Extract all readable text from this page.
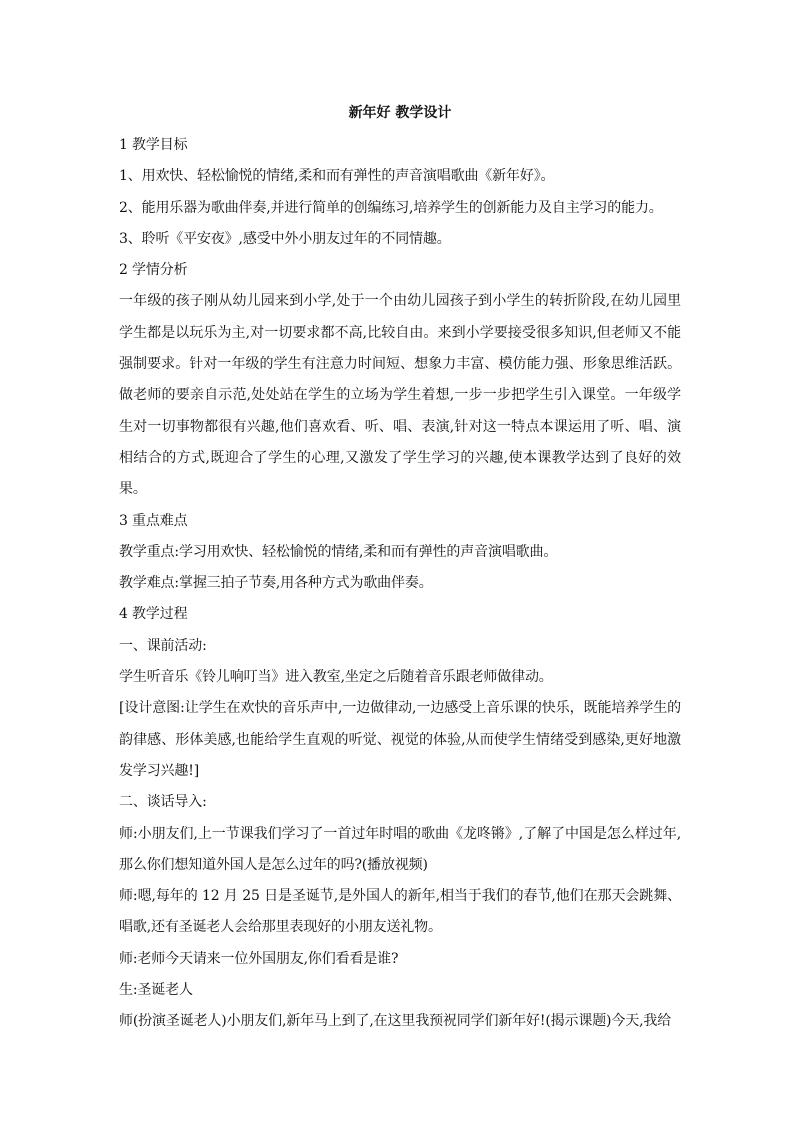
新年好 教学设计

1 教学目标

1、用欢快、轻松愉悦的情绪,柔和而有弹性的声音演唱歌曲《新年好》。

2、能用乐器为歌曲伴奏,并进行简单的创编练习,培养学生的创新能力及自主学习的能力。

3、聆听《平安夜》,感受中外小朋友过年的不同情趣。

2 学情分析

一年级的孩子刚从幼儿园来到小学,处于一个由幼儿园孩子到小学生的转折阶段,在幼儿园里学生都是以玩乐为主,对一切要求都不高,比较自由。来到小学要接受很多知识,但老师又不能强制要求。针对一年级的学生有注意力时间短、想象力丰富、模仿能力强、形象思维活跃。做老师的要亲自示范,处处站在学生的立场为学生着想,一步一步把学生引入课堂。一年级学生对一切事物都很有兴趣,他们喜欢看、听、唱、表演,针对这一特点本课运用了听、唱、演相结合的方式,既迎合了学生的心理,又激发了学生学习的兴趣,使本课教学达到了良好的效果。

3 重点难点

教学重点:学习用欢快、轻松愉悦的情绪,柔和而有弹性的声音演唱歌曲。

教学难点:掌握三拍子节奏,用各种方式为歌曲伴奏。

4 教学过程

一、课前活动:

学生听音乐《铃儿响叮当》进入教室,坐定之后随着音乐跟老师做律动。

[设计意图:让学生在欢快的音乐声中,一边做律动,一边感受上音乐课的快乐，既能培养学生的韵律感、形体美感,也能给学生直观的听觉、视觉的体验,从而使学生情绪受到感染,更好地激发学习兴趣!]

二、谈话导入:

师:小朋友们,上一节课我们学习了一首过年时唱的歌曲《龙咚锵》,了解了中国是怎么样过年,那么你们想知道外国人是怎么过年的吗?(播放视频)

师:嗯,每年的 12 月 25 日是圣诞节,是外国人的新年,相当于我们的春节,他们在那天会跳舞、唱歌,还有圣诞老人会给那里表现好的小朋友送礼物。

师:老师今天请来一位外国朋友,你们看看是谁?

生:圣诞老人

师(扮演圣诞老人)小朋友们,新年马上到了,在这里我预祝同学们新年好!(揭示课题)今天,我给
